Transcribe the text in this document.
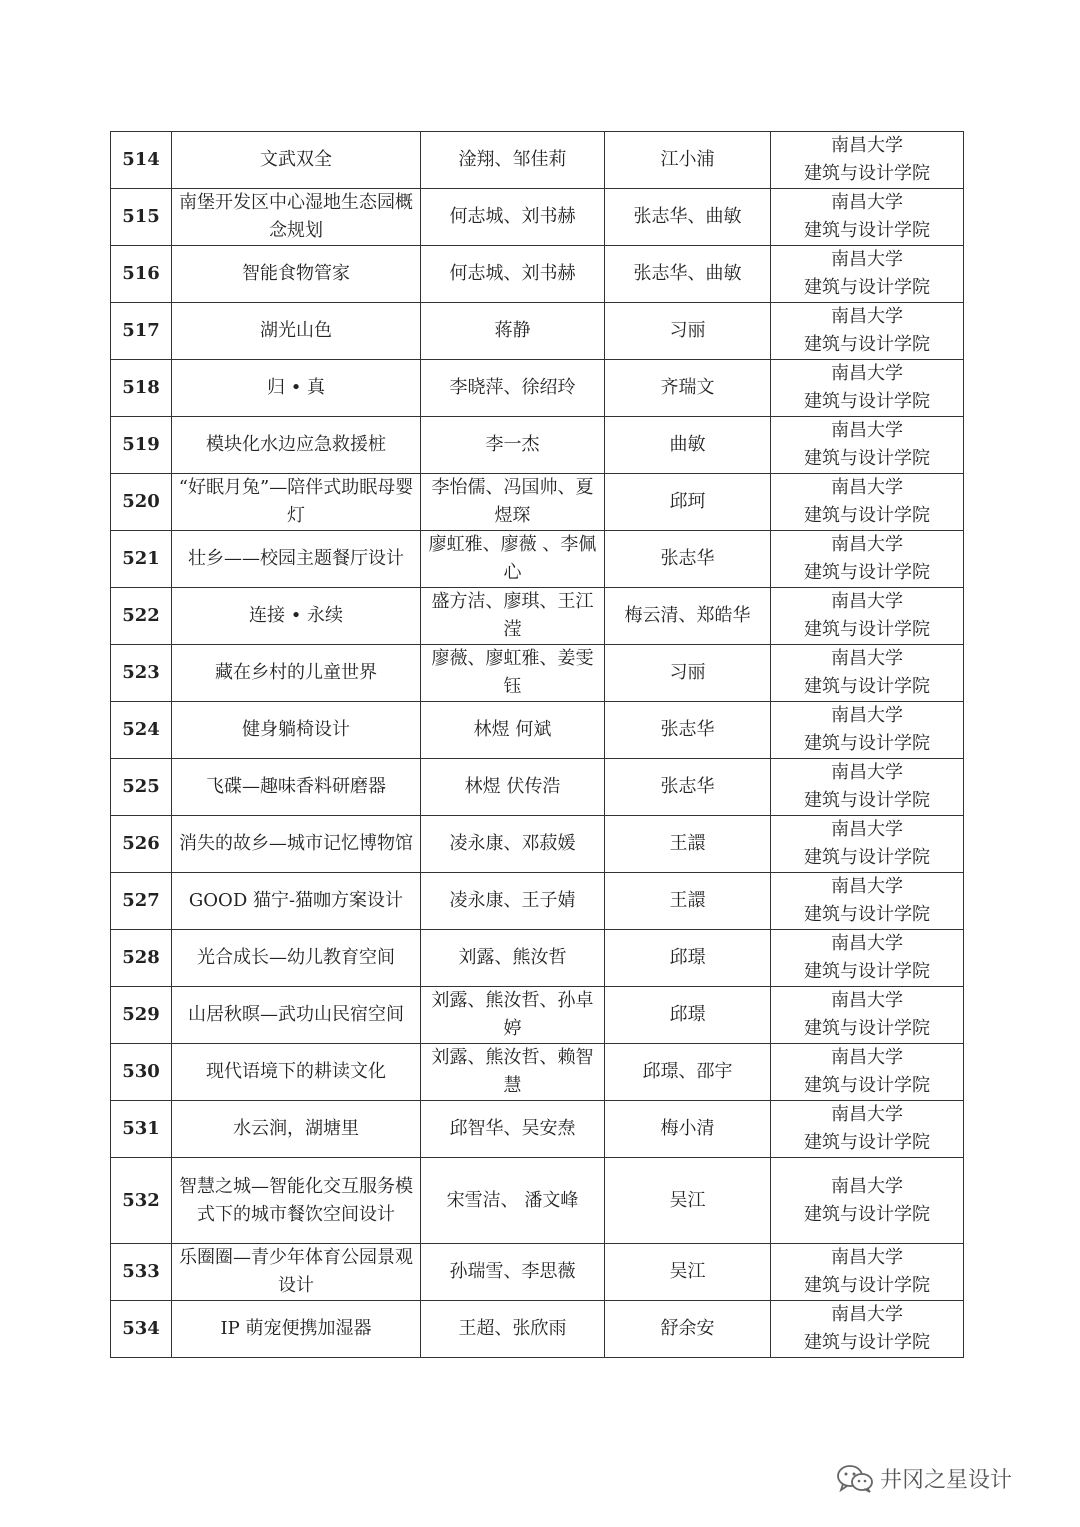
514	文武双全	淦翔、邹佳莉	江小浦	南昌大学
建筑与设计学院

515	南堡开发区中心湿地生态园概念规划	何志城、刘书赫	张志华、曲敏	南昌大学
建筑与设计学院

516	智能食物管家	何志城、刘书赫	张志华、曲敏	南昌大学
建筑与设计学院

517	湖光山色	蒋静	习丽	南昌大学
建筑与设计学院

518	归 • 真	李晓萍、徐绍玲	齐瑞文	南昌大学
建筑与设计学院

519	模块化水边应急救援桩	李一杰	曲敏	南昌大学
建筑与设计学院

520	“好眠月兔”—陪伴式助眠母婴灯	李怡儒、冯国帅、夏煜琛	邱珂	南昌大学
建筑与设计学院

521	壮乡——校园主题餐厅设计	廖虹雅、廖薇 、李佩心	张志华	南昌大学
建筑与设计学院

522	连接 • 永续	盛方洁、廖琪、王江滢	梅云清、郑皓华	南昌大学
建筑与设计学院

523	藏在乡村的儿童世界	廖薇、廖虹雅、姜雯钰	习丽	南昌大学
建筑与设计学院

524	健身躺椅设计	林煜 何斌	张志华	南昌大学
建筑与设计学院

525	飞碟—趣味香料研磨器	林煜 伏传浩	张志华	南昌大学
建筑与设计学院

526	消失的故乡—城市记忆博物馆	凌永康、邓菽媛	王譞	南昌大学
建筑与设计学院

527	GOOD 猫宁-猫咖方案设计	凌永康、王子婧	王譞	南昌大学
建筑与设计学院

528	光合成长—幼儿教育空间	刘露、熊汝哲	邱璟	南昌大学
建筑与设计学院

529	山居秋暝—武功山民宿空间	刘露、熊汝哲、孙卓婷	邱璟	南昌大学
建筑与设计学院

530	现代语境下的耕读文化	刘露、熊汝哲、赖智慧	邱璟、邵宇	南昌大学
建筑与设计学院

531	水云涧，湖塘里	邱智华、吴安焘	梅小清	南昌大学
建筑与设计学院

532	智慧之城—智能化交互服务模式下的城市餐饮空间设计	宋雪洁、 潘文峰	吴江	南昌大学
建筑与设计学院

533	乐圈圈—青少年体育公园景观设计	孙瑞雪、李思薇	吴江	南昌大学
建筑与设计学院

534	IP 萌宠便携加湿器	王超、张欣雨	舒余安	南昌大学
建筑与设计学院
井冈之星设计
